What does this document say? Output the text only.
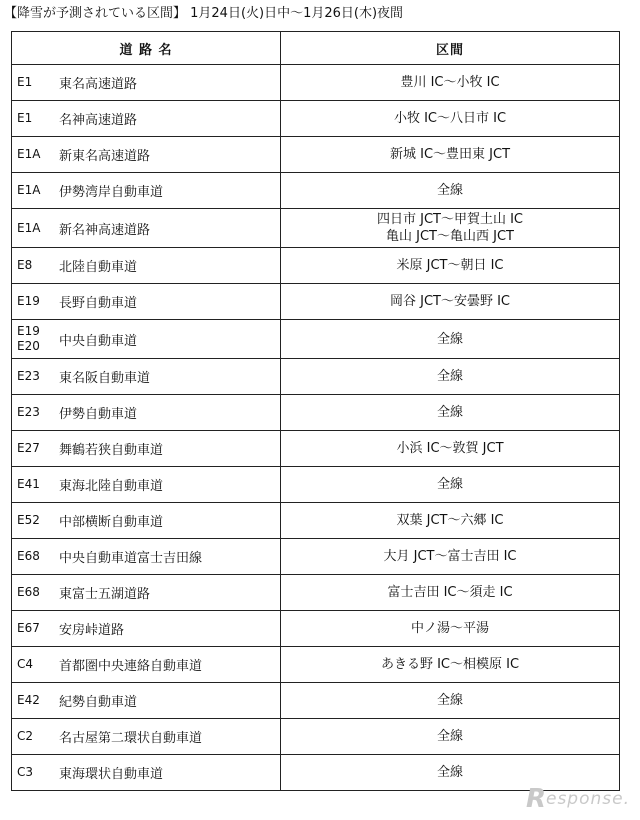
【降雪が予測されている区間】 1月24日(火)日中～1月26日(木)夜間
道 路 名	区間

E1 東名高速道路	豊川 IC～小牧 IC

E1 名神高速道路	小牧 IC～八日市 IC

E1A 新東名高速道路	新城 IC～豊田東 JCT

E1A 伊勢湾岸自動車道	全線

E1A 新名神高速道路	四日市 JCT～甲賀土山 IC
亀山 JCT～亀山西 JCT

E8 北陸自動車道	米原 JCT～朝日 IC

E19 長野自動車道	岡谷 JCT～安曇野 IC

E19
E20 中央自動車道	全線

E23 東名阪自動車道	全線

E23 伊勢自動車道	全線

E27 舞鶴若狭自動車道	小浜 IC～敦賀 JCT

E41 東海北陸自動車道	全線

E52 中部横断自動車道	双葉 JCT～六郷 IC

E68 中央自動車道富士吉田線	大月 JCT～富士吉田 IC

E68 東富士五湖道路	富士吉田 IC～須走 IC

E67 安房峠道路	中ノ湯～平湯

C4 首都圏中央連絡自動車道	あきる野 IC～相模原 IC

E42 紀勢自動車道	全線

C2 名古屋第二環状自動車道	全線

C3 東海環状自動車道	全線
R esponse.
